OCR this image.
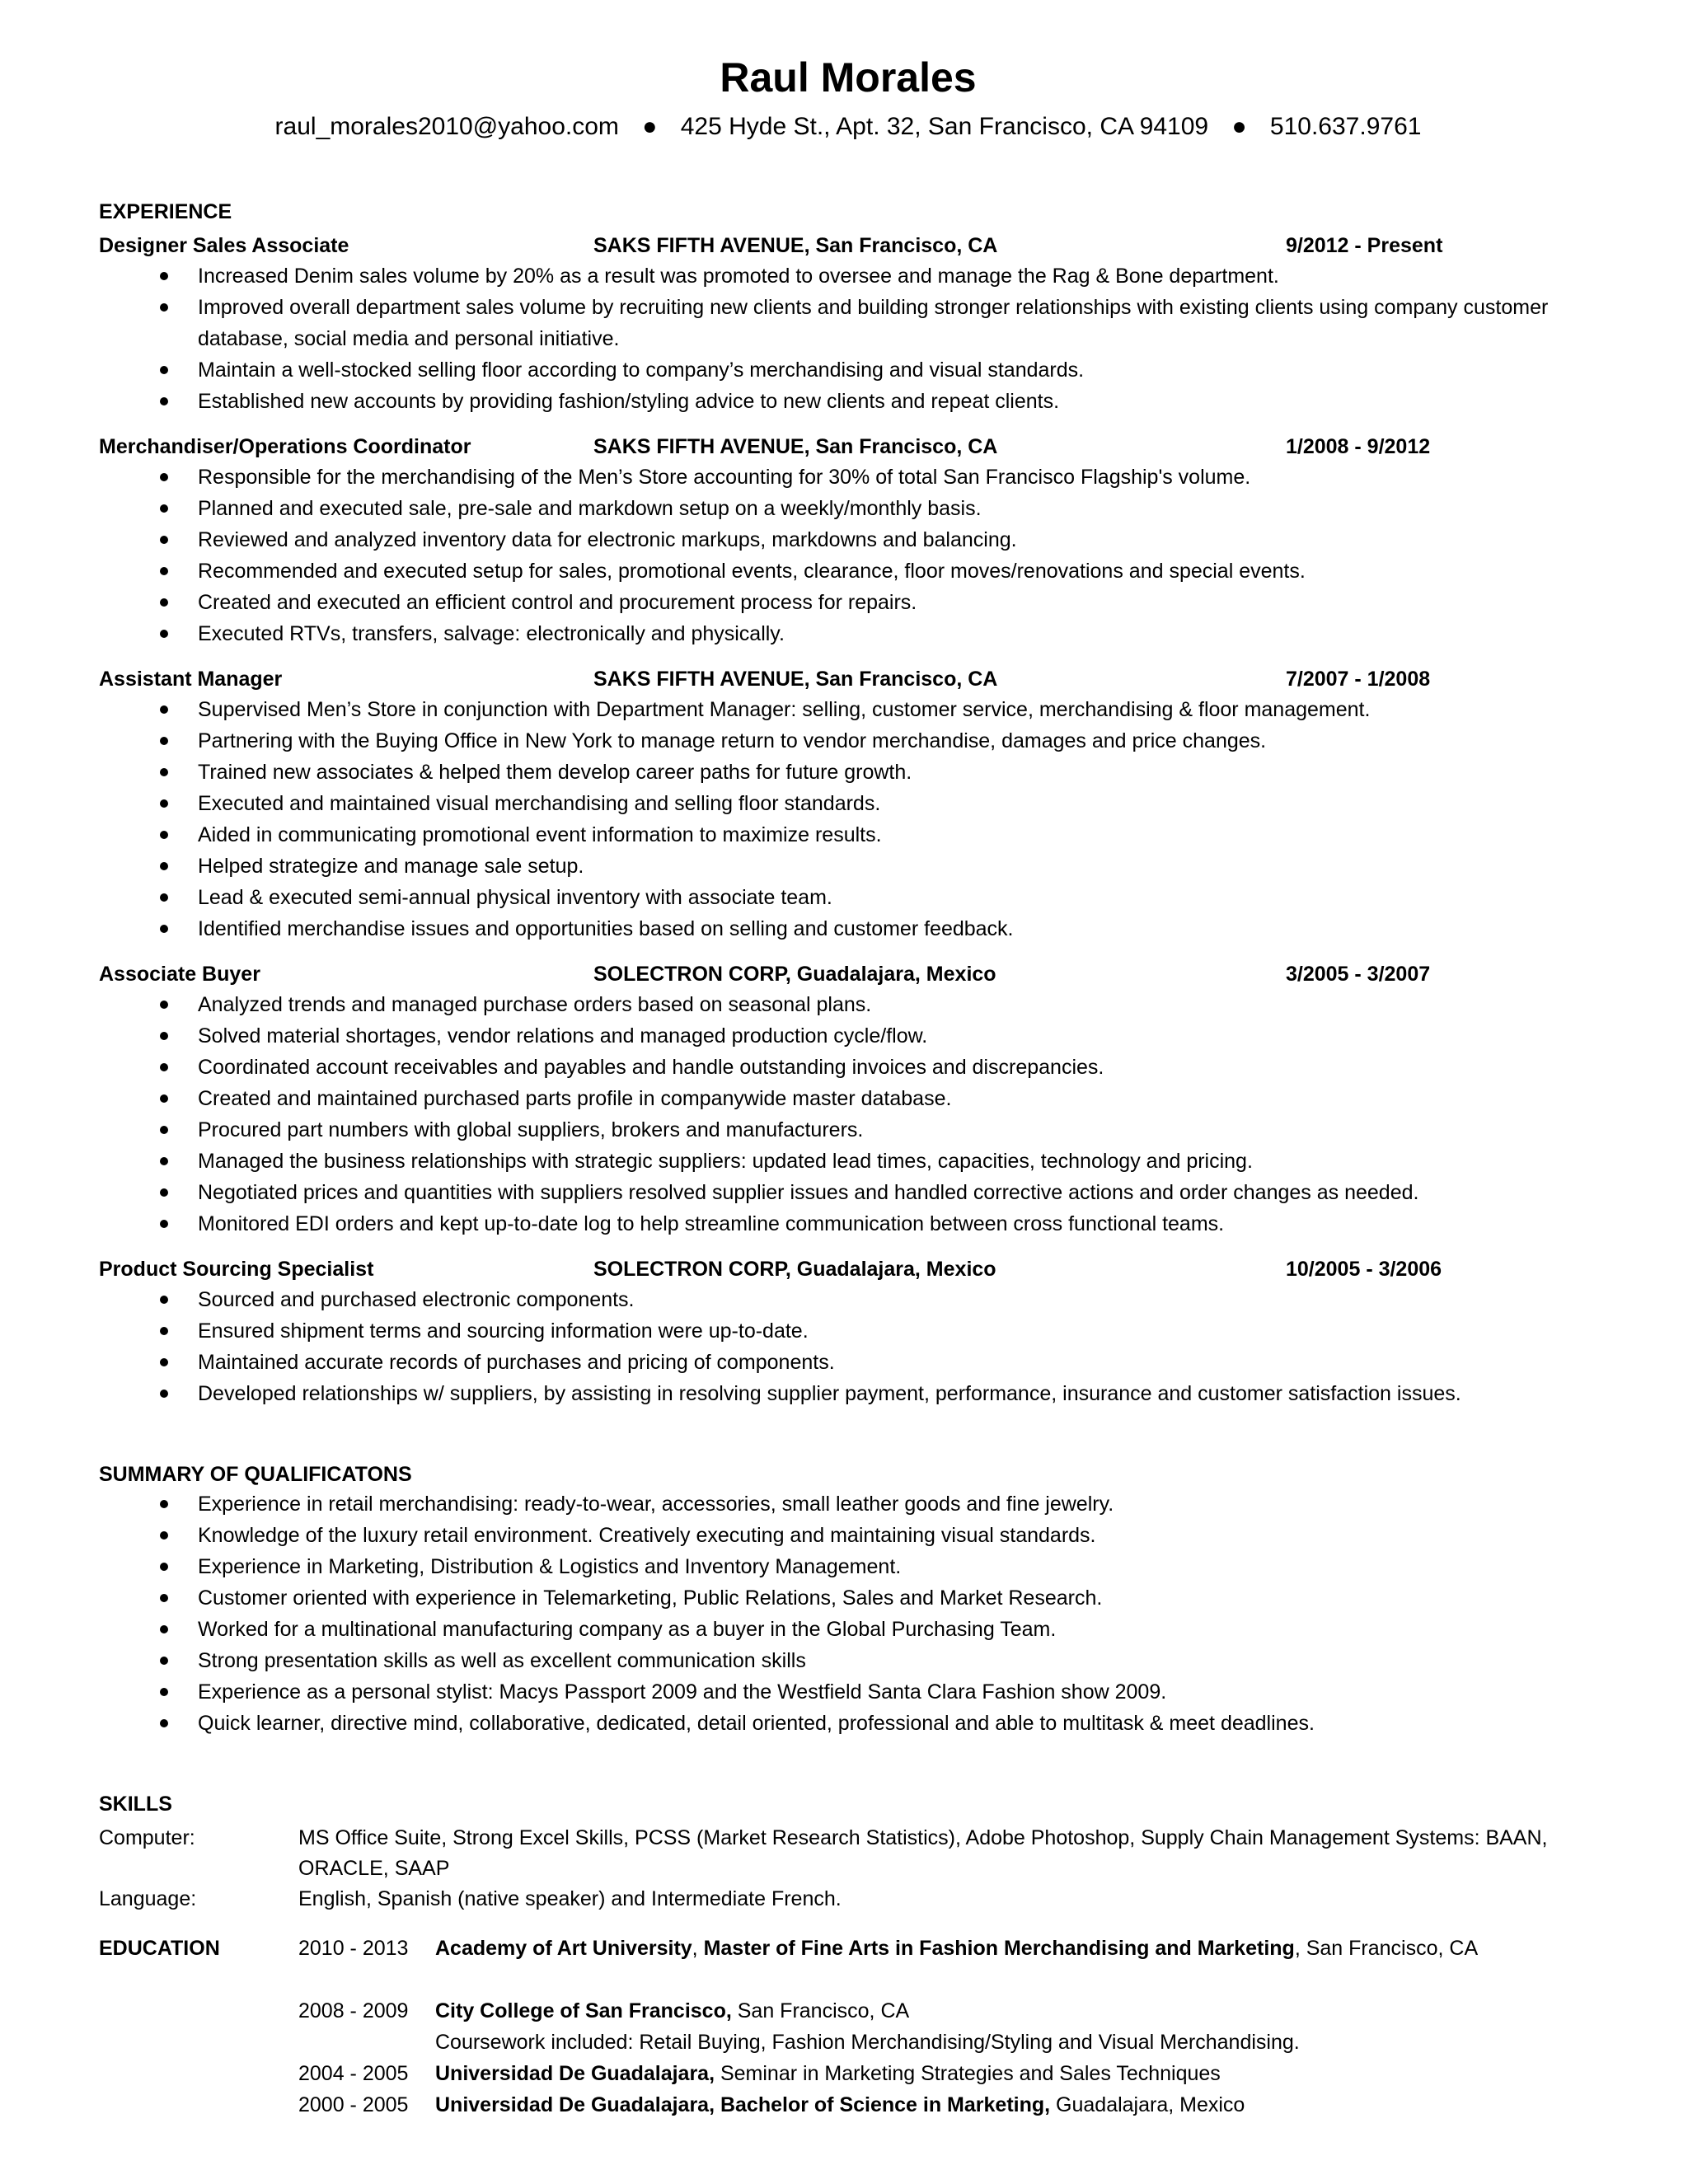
Raul Morales
raul_morales2010@yahoo.com ● 425 Hyde St., Apt. 32, San Francisco, CA 94109 ● 510.637.9761
EXPERIENCE
Designer Sales Associate	SAKS FIFTH AVENUE, San Francisco, CA	9/2012 - Present
Increased Denim sales volume by 20% as a result was promoted to oversee and manage the Rag & Bone department.
Improved overall department sales volume by recruiting new clients and building stronger relationships with existing clients using company customer database, social media and personal initiative.
Maintain a well-stocked selling floor according to company’s merchandising and visual standards.
Established new accounts by providing fashion/styling advice to new clients and repeat clients.
Merchandiser/Operations Coordinator	SAKS FIFTH AVENUE, San Francisco, CA	1/2008 - 9/2012
Responsible for the merchandising of the Men’s Store accounting for 30% of total San Francisco Flagship's volume.
Planned and executed sale, pre-sale and markdown setup on a weekly/monthly basis.
Reviewed and analyzed inventory data for electronic markups, markdowns and balancing.
Recommended and executed setup for sales, promotional events, clearance, floor moves/renovations and special events.
Created and executed an efficient control and procurement process for repairs.
Executed RTVs, transfers, salvage: electronically and physically.
Assistant Manager	SAKS FIFTH AVENUE, San Francisco, CA	7/2007 - 1/2008
Supervised Men’s Store in conjunction with Department Manager: selling, customer service, merchandising & floor management.
Partnering with the Buying Office in New York to manage return to vendor merchandise, damages and price changes.
Trained new associates & helped them develop career paths for future growth.
Executed and maintained visual merchandising and selling floor standards.
Aided in communicating promotional event information to maximize results.
Helped strategize and manage sale setup.
Lead & executed semi-annual physical inventory with associate team.
Identified merchandise issues and opportunities based on selling and customer feedback.
Associate Buyer	SOLECTRON CORP, Guadalajara, Mexico	3/2005 - 3/2007
Analyzed trends and managed purchase orders based on seasonal plans.
Solved material shortages, vendor relations and managed production cycle/flow.
Coordinated account receivables and payables and handle outstanding invoices and discrepancies.
Created and maintained purchased parts profile in companywide master database.
Procured part numbers with global suppliers, brokers and manufacturers.
Managed the business relationships with strategic suppliers: updated lead times, capacities, technology and pricing.
Negotiated prices and quantities with suppliers resolved supplier issues and handled corrective actions and order changes as needed.
Monitored EDI orders and kept up-to-date log to help streamline communication between cross functional teams.
Product Sourcing Specialist	SOLECTRON CORP, Guadalajara, Mexico	10/2005 - 3/2006
Sourced and purchased electronic components.
Ensured shipment terms and sourcing information were up-to-date.
Maintained accurate records of purchases and pricing of components.
Developed relationships w/ suppliers, by assisting in resolving supplier payment, performance, insurance and customer satisfaction issues.
SUMMARY OF QUALIFICATONS
Experience in retail merchandising: ready-to-wear, accessories, small leather goods and fine jewelry.
Knowledge of the luxury retail environment. Creatively executing and maintaining visual standards.
Experience in Marketing, Distribution & Logistics and Inventory Management.
Customer oriented with experience in Telemarketing, Public Relations, Sales and Market Research.
Worked for a multinational manufacturing company as a buyer in the Global Purchasing Team.
Strong presentation skills as well as excellent communication skills
Experience as a personal stylist: Macys Passport 2009 and the Westfield Santa Clara Fashion show 2009.
Quick learner, directive mind, collaborative, dedicated, detail oriented, professional and able to multitask & meet deadlines.
SKILLS
Computer:	MS Office Suite, Strong Excel Skills, PCSS (Market Research Statistics), Adobe Photoshop, Supply Chain Management Systems: BAAN, ORACLE, SAAP
Language:	English, Spanish (native speaker) and Intermediate French.
EDUCATION	2010 - 2013 Academy of Art University, Master of Fine Arts in Fashion Merchandising and Marketing, San Francisco, CA
2008 - 2009 City College of San Francisco, San Francisco, CA
Coursework included: Retail Buying, Fashion Merchandising/Styling and Visual Merchandising.
2004 - 2005 Universidad De Guadalajara, Seminar in Marketing Strategies and Sales Techniques
2000 - 2005 Universidad De Guadalajara, Bachelor of Science in Marketing, Guadalajara, Mexico
